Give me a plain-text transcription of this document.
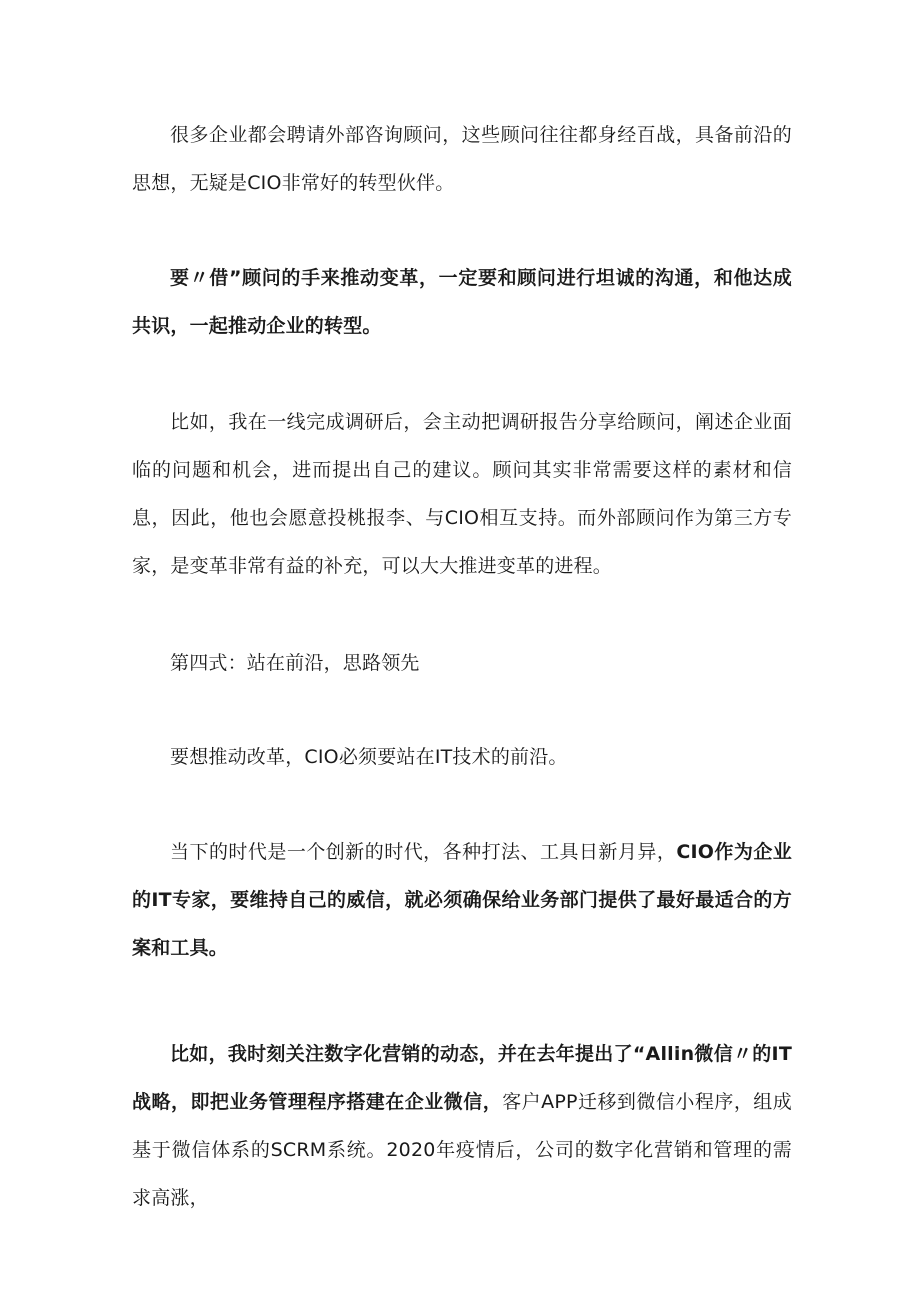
很多企业都会聘请外部咨询顾问，这些顾问往往都身经百战，具备前沿的思想，无疑是CIO非常好的转型伙伴。

要〃借”顾问的手来推动变革，一定要和顾问进行坦诚的沟通，和他达成共识，一起推动企业的转型。

比如，我在一线完成调研后，会主动把调研报告分享给顾问，阐述企业面临的问题和机会，进而提出自己的建议。顾问其实非常需要这样的素材和信息，因此，他也会愿意投桃报李、与CIO相互支持。而外部顾问作为第三方专家，是变革非常有益的补充，可以大大推进变革的进程。

第四式：站在前沿，思路领先

要想推动改革，CIO必须要站在IT技术的前沿。

当下的时代是一个创新的时代，各种打法、工具日新月异，CIO作为企业的IT专家，要维持自己的威信，就必须确保给业务部门提供了最好最适合的方案和工具。

比如，我时刻关注数字化营销的动态，并在去年提出了“Allin微信〃的IT战略，即把业务管理程序搭建在企业微信，客户APP迁移到微信小程序，组成基于微信体系的SCRM系统。2020年疫情后，公司的数字化营销和管理的需求高涨，
